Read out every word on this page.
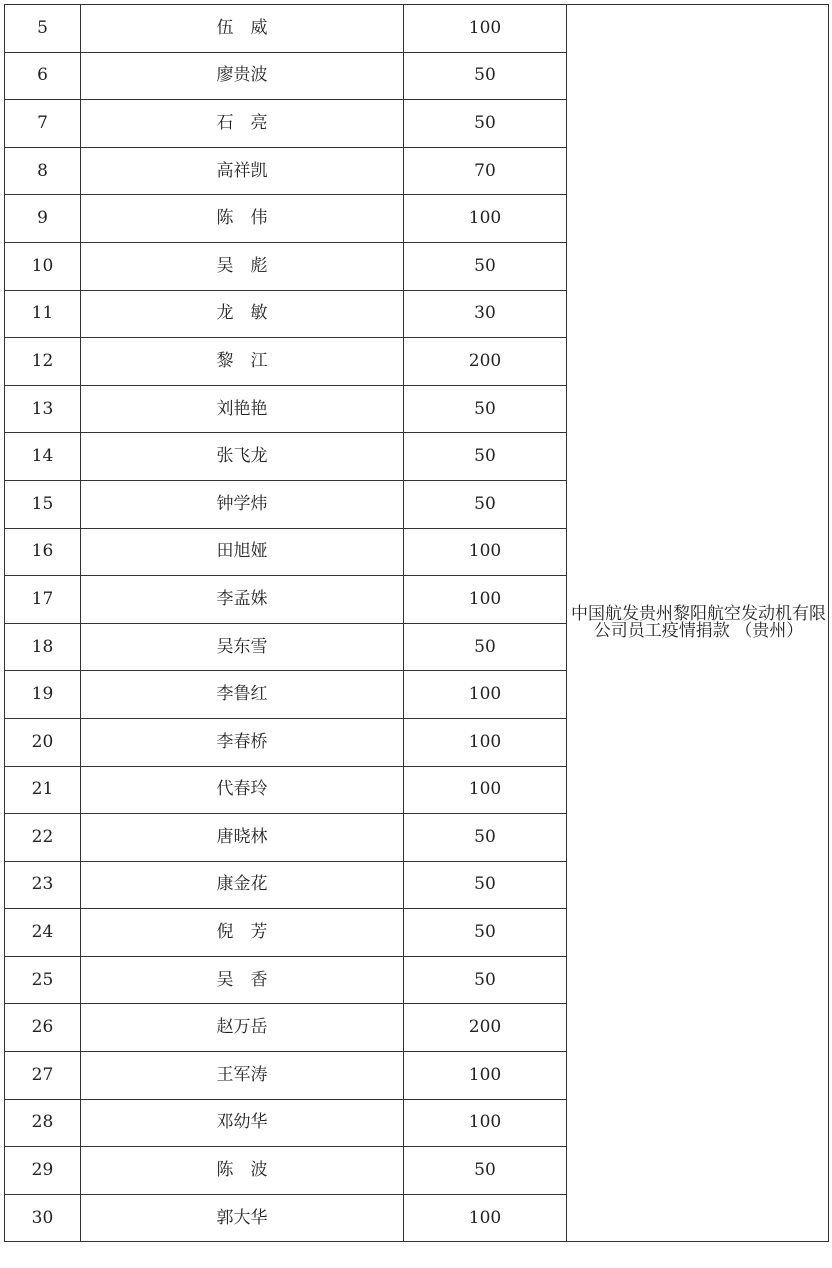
5	伍　威	100	中国航发贵州黎阳航空发动机有限公司员工疫情捐款 （贵州）
6	廖贵波	50	
7	石　亮	50	
8	高祥凯	70	
9	陈　伟	100	
10	吴　彪	50	
11	龙　敏	30	
12	黎　江	200	
13	刘艳艳	50	
14	张飞龙	50	
15	钟学炜	50	
16	田旭娅	100	
17	李孟姝	100	
18	吴东雪	50	
19	李鲁红	100	
20	李春桥	100	
21	代春玲	100	
22	唐晓林	50	
23	康金花	50	
24	倪　芳	50	
25	吴　香	50	
26	赵万岳	200	
27	王军涛	100	
28	邓幼华	100	
29	陈　波	50	
30	郭大华	100	
